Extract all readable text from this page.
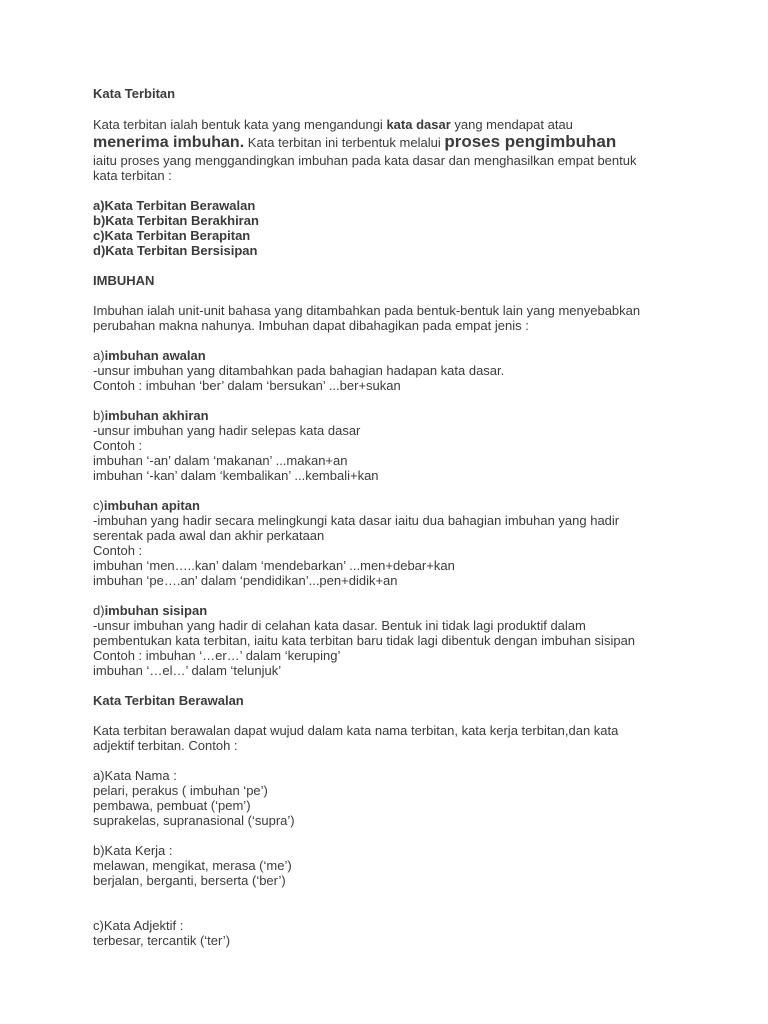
Kata Terbitan
Kata terbitan ialah bentuk kata yang mengandungi kata dasar yang mendapat atau
menerima imbuhan. Kata terbitan ini terbentuk melalui proses pengimbuhan
iaitu proses yang menggandingkan imbuhan pada kata dasar dan menghasilkan empat bentuk
kata terbitan :
a)Kata Terbitan Berawalan
b)Kata Terbitan Berakhiran
c)Kata Terbitan Berapitan
d)Kata Terbitan Bersisipan
IMBUHAN
Imbuhan ialah unit-unit bahasa yang ditambahkan pada bentuk-bentuk lain yang menyebabkan
perubahan makna nahunya. Imbuhan dapat dibahagikan pada empat jenis :
a)imbuhan awalan
-unsur imbuhan yang ditambahkan pada bahagian hadapan kata dasar.
Contoh : imbuhan ‘ber’ dalam ‘bersukan’ ...ber+sukan
b)imbuhan akhiran
-unsur imbuhan yang hadir selepas kata dasar
Contoh :
imbuhan ‘-an’ dalam ‘makanan’ ...makan+an
imbuhan ‘-kan’ dalam ‘kembalikan’ ...kembali+kan
c)imbuhan apitan
-imbuhan yang hadir secara melingkungi kata dasar iaitu dua bahagian imbuhan yang hadir
serentak pada awal dan akhir perkataan
Contoh :
imbuhan ‘men…..kan’ dalam ‘mendebarkan’ ...men+debar+kan
imbuhan ‘pe….an’ dalam ‘pendidikan’...pen+didik+an
d)imbuhan sisipan
-unsur imbuhan yang hadir di celahan kata dasar. Bentuk ini tidak lagi produktif dalam
pembentukan kata terbitan, iaitu kata terbitan baru tidak lagi dibentuk dengan imbuhan sisipan
Contoh : imbuhan ‘…er…’ dalam ‘keruping’
imbuhan ‘…el…’ dalam ‘telunjuk’
Kata Terbitan Berawalan
Kata terbitan berawalan dapat wujud dalam kata nama terbitan, kata kerja terbitan,dan kata
adjektif terbitan. Contoh :
a)Kata Nama :
pelari, perakus ( imbuhan ‘pe’)
pembawa, pembuat (‘pem’)
suprakelas, supranasional (‘supra’)
b)Kata Kerja :
melawan, mengikat, merasa (‘me’)
berjalan, berganti, berserta (‘ber’)
c)Kata Adjektif :
terbesar, tercantik (‘ter’)
